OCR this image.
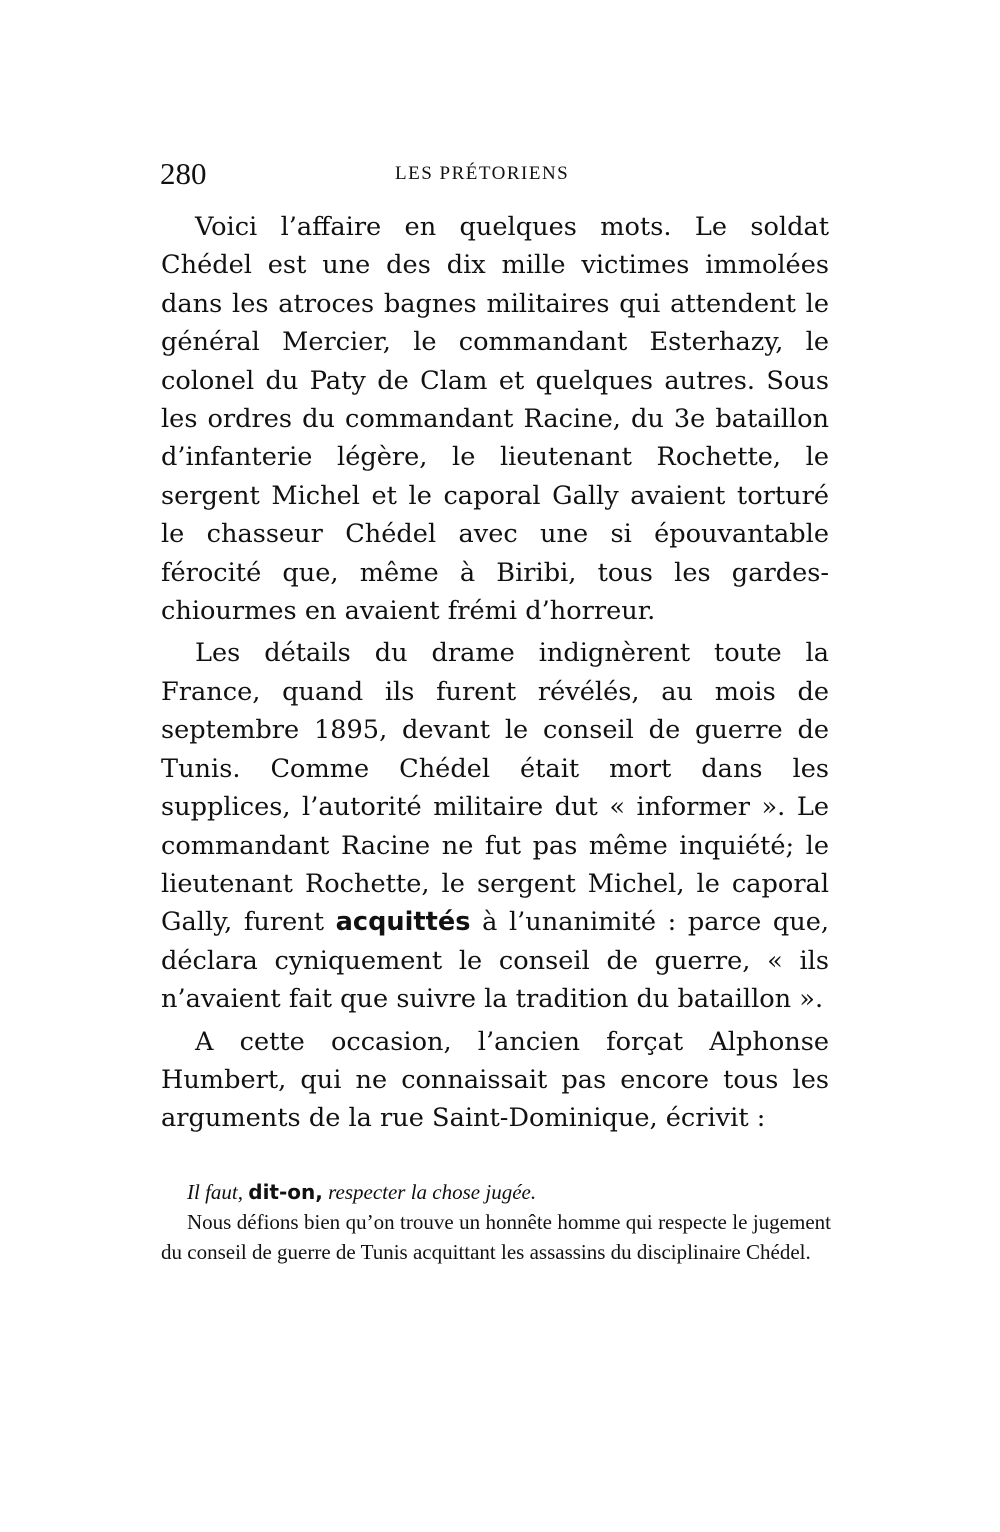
280	LES PRÉTORIENS

Voici l’affaire en quelques mots. Le soldat Chédel est une des dix mille victimes immolées dans les atroces bagnes militaires qui attendent le général Mercier, le commandant Esterhazy, le colonel du Paty de Clam et quelques autres. Sous les ordres du commandant Racine, du 3e bataillon d’infanterie légère, le lieutenant Rochette, le sergent Michel et le caporal Gally avaient torturé le chasseur Chédel avec une si épouvantable férocité que, même à Biribi, tous les gardes-chiourmes en avaient frémi d’horreur.

Les détails du drame indignèrent toute la France, quand ils furent révélés, au mois de septembre 1895, devant le conseil de guerre de Tunis. Comme Chédel était mort dans les supplices, l’autorité militaire dut « informer ». Le commandant Racine ne fut pas même inquiété; le lieutenant Rochette, le sergent Michel, le caporal Gally, furent acquittés à l’unanimité : parce que, déclara cyniquement le conseil de guerre, « ils n’avaient fait que suivre la tradition du bataillon ».

A cette occasion, l’ancien forçat Alphonse Humbert, qui ne connaissait pas encore tous les arguments de la rue Saint-Dominique, écrivit :

Il faut, dit-on, respecter la chose jugée.

Nous défions bien qu’on trouve un honnête homme qui respecte le jugement du conseil de guerre de Tunis acquittant les assassins du disciplinaire Chédel.
